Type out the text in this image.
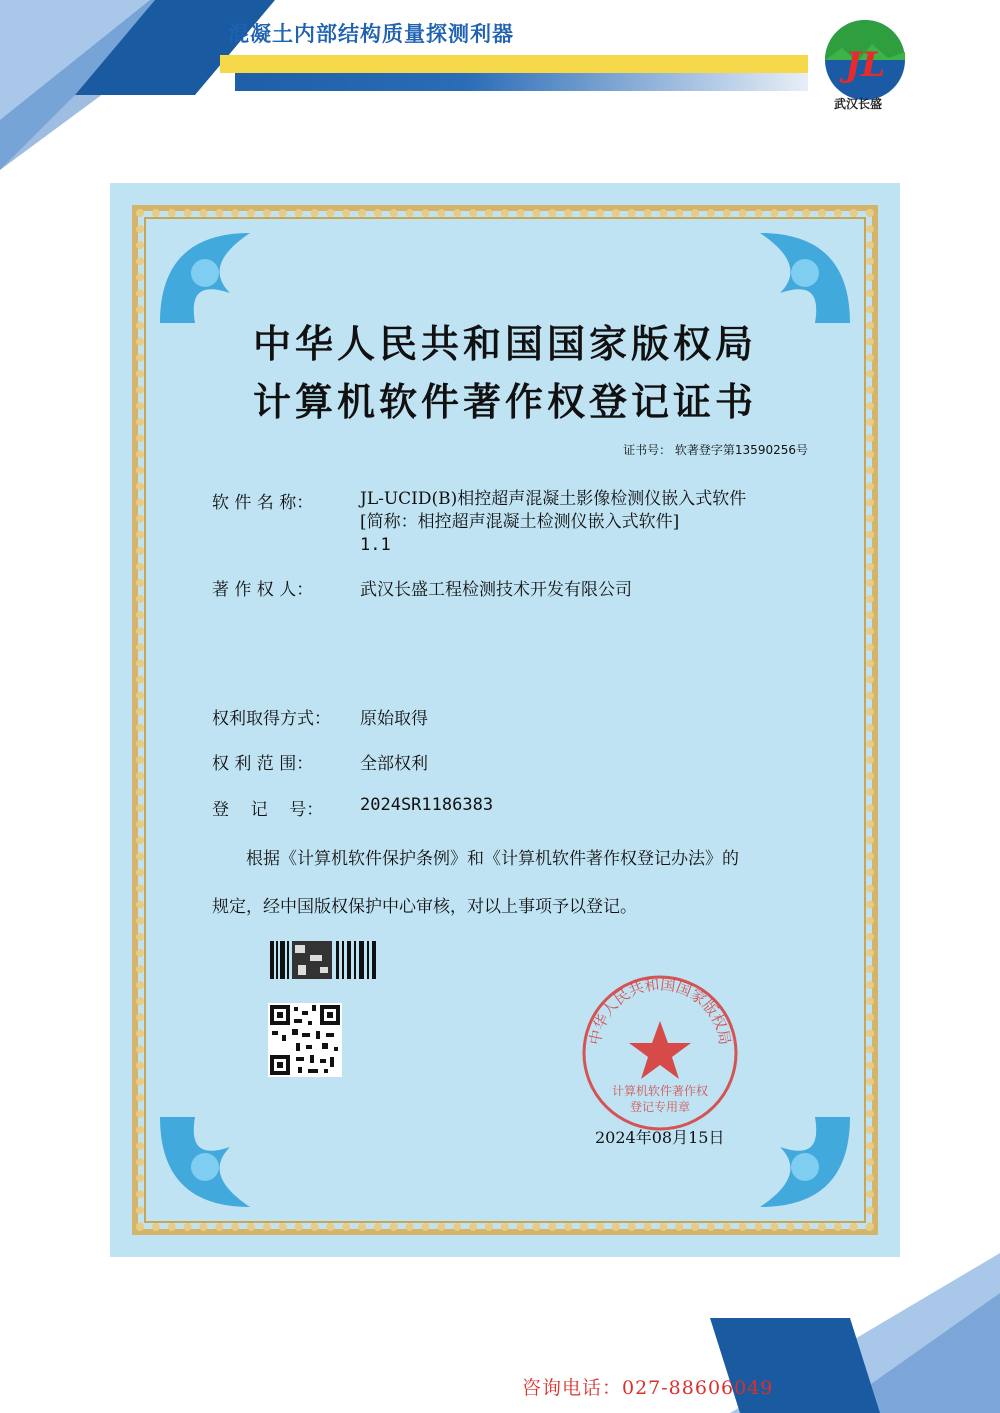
混凝土内部结构质量探测利器
JL
武汉长盛
中华人民共和国国家版权局
计算机软件著作权登记证书
证书号： 软著登字第13590256号
软 件 名 称：	JL-UCID(B)相控超声混凝土影像检测仪嵌入式软件
[简称：相控超声混凝土检测仪嵌入式软件]
1.1
著 作 权 人：	武汉长盛工程检测技术开发有限公司
权利取得方式： 原始取得
权 利 范 围：	全部权利
登    记    号： 2024SR1186383
根据《计算机软件保护条例》和《计算机软件著作权登记办法》的
规定，经中国版权保护中心审核，对以上事项予以登记。
中华人民共和国国家版权局
计算机软件著作权
登记专用章
2024年08月15日
咨询电话：027-88606049
